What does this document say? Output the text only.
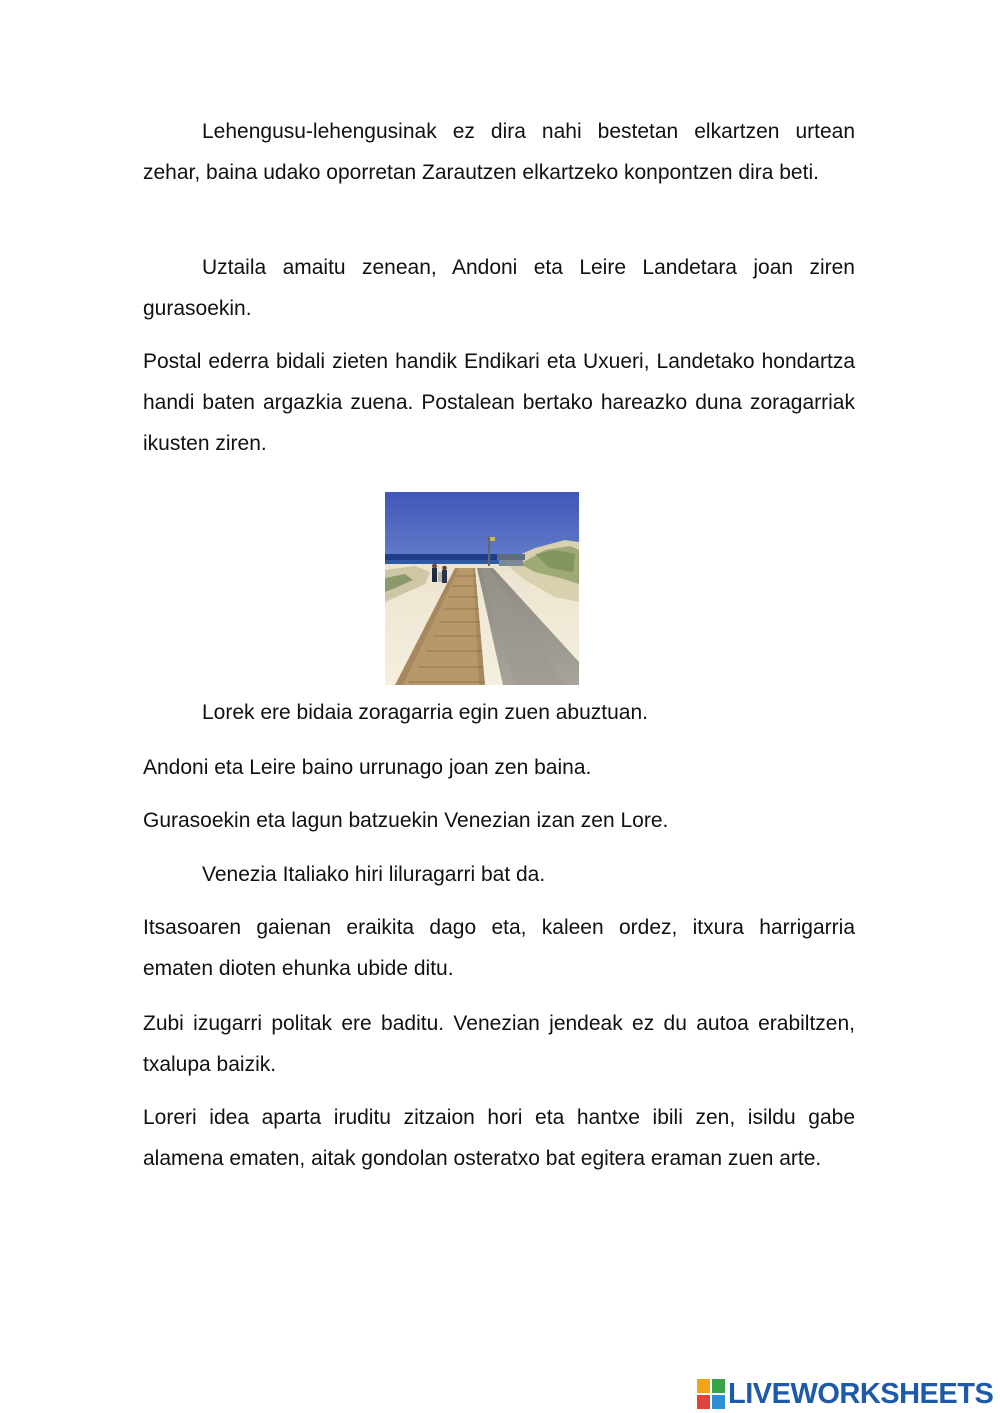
Lehengusu-lehengusinak ez dira nahi bestetan elkartzen urtean zehar, baina udako oporretan Zarautzen elkartzeko konpontzen dira beti.

Uztaila amaitu zenean, Andoni eta Leire Landetara joan ziren gurasoekin.

Postal ederra bidali zieten handik Endikari eta Uxueri, Landetako hondartza handi baten argazkia zuena. Postalean bertako hareazko duna zoragarriak ikusten ziren.

Lorek ere bidaia zoragarria egin zuen abuztuan.

Andoni eta Leire baino urrunago joan zen baina.

Gurasoekin eta lagun batzuekin Venezian izan zen Lore.

Venezia Italiako hiri liluragarri bat da.

Itsasoaren gaienan eraikita dago eta, kaleen ordez, itxura harrigarria ematen dioten ehunka ubide ditu.

Zubi izugarri politak ere baditu. Venezian jendeak ez du autoa erabiltzen, txalupa baizik.

Loreri idea aparta iruditu zitzaion hori eta hantxe ibili zen, isildu gabe alamena ematen, aitak gondolan osteratxo bat egitera eraman zuen arte.

LIVEWORKSHEETS
